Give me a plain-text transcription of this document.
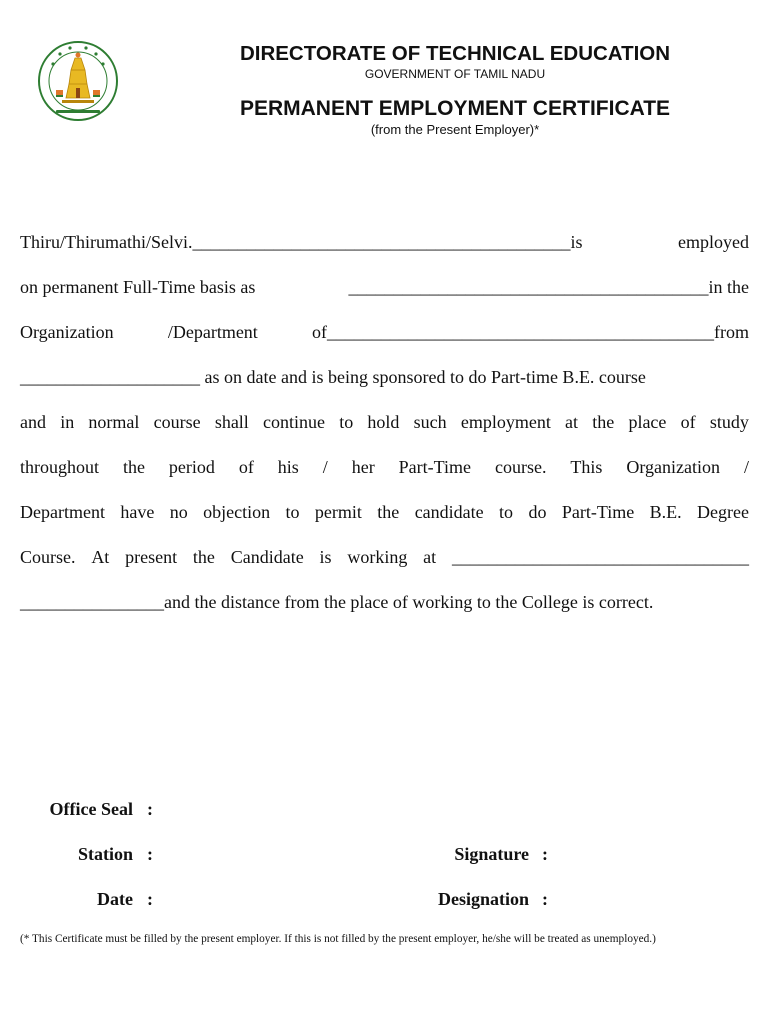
DIRECTORATE OF TECHNICAL EDUCATION
GOVERNMENT OF TAMIL NADU
PERMANENT EMPLOYMENT CERTIFICATE
(from the Present Employer)*
Thiru/Thirumathi/Selvi.__________________________________________is	employed
on permanent Full-Time basis as	________________________________________in the
Organization	/Department	of___________________________________________from
____________________ as on date and is being sponsored to do Part-time B.E. course
and in normal course shall continue to hold such employment at the place of study
throughout the period of his / her Part-Time course. This Organization /
Department have no objection to permit the candidate to do Part-Time B.E. Degree
Course. At present the Candidate is working at _________________________________
________________and the distance from the place of working to the College is correct.
Office Seal :
Station :
Date :
Signature :
Designation :
(* This Certificate must be filled by the present employer. If this is not filled by the present employer, he/she will be treated as unemployed.)
